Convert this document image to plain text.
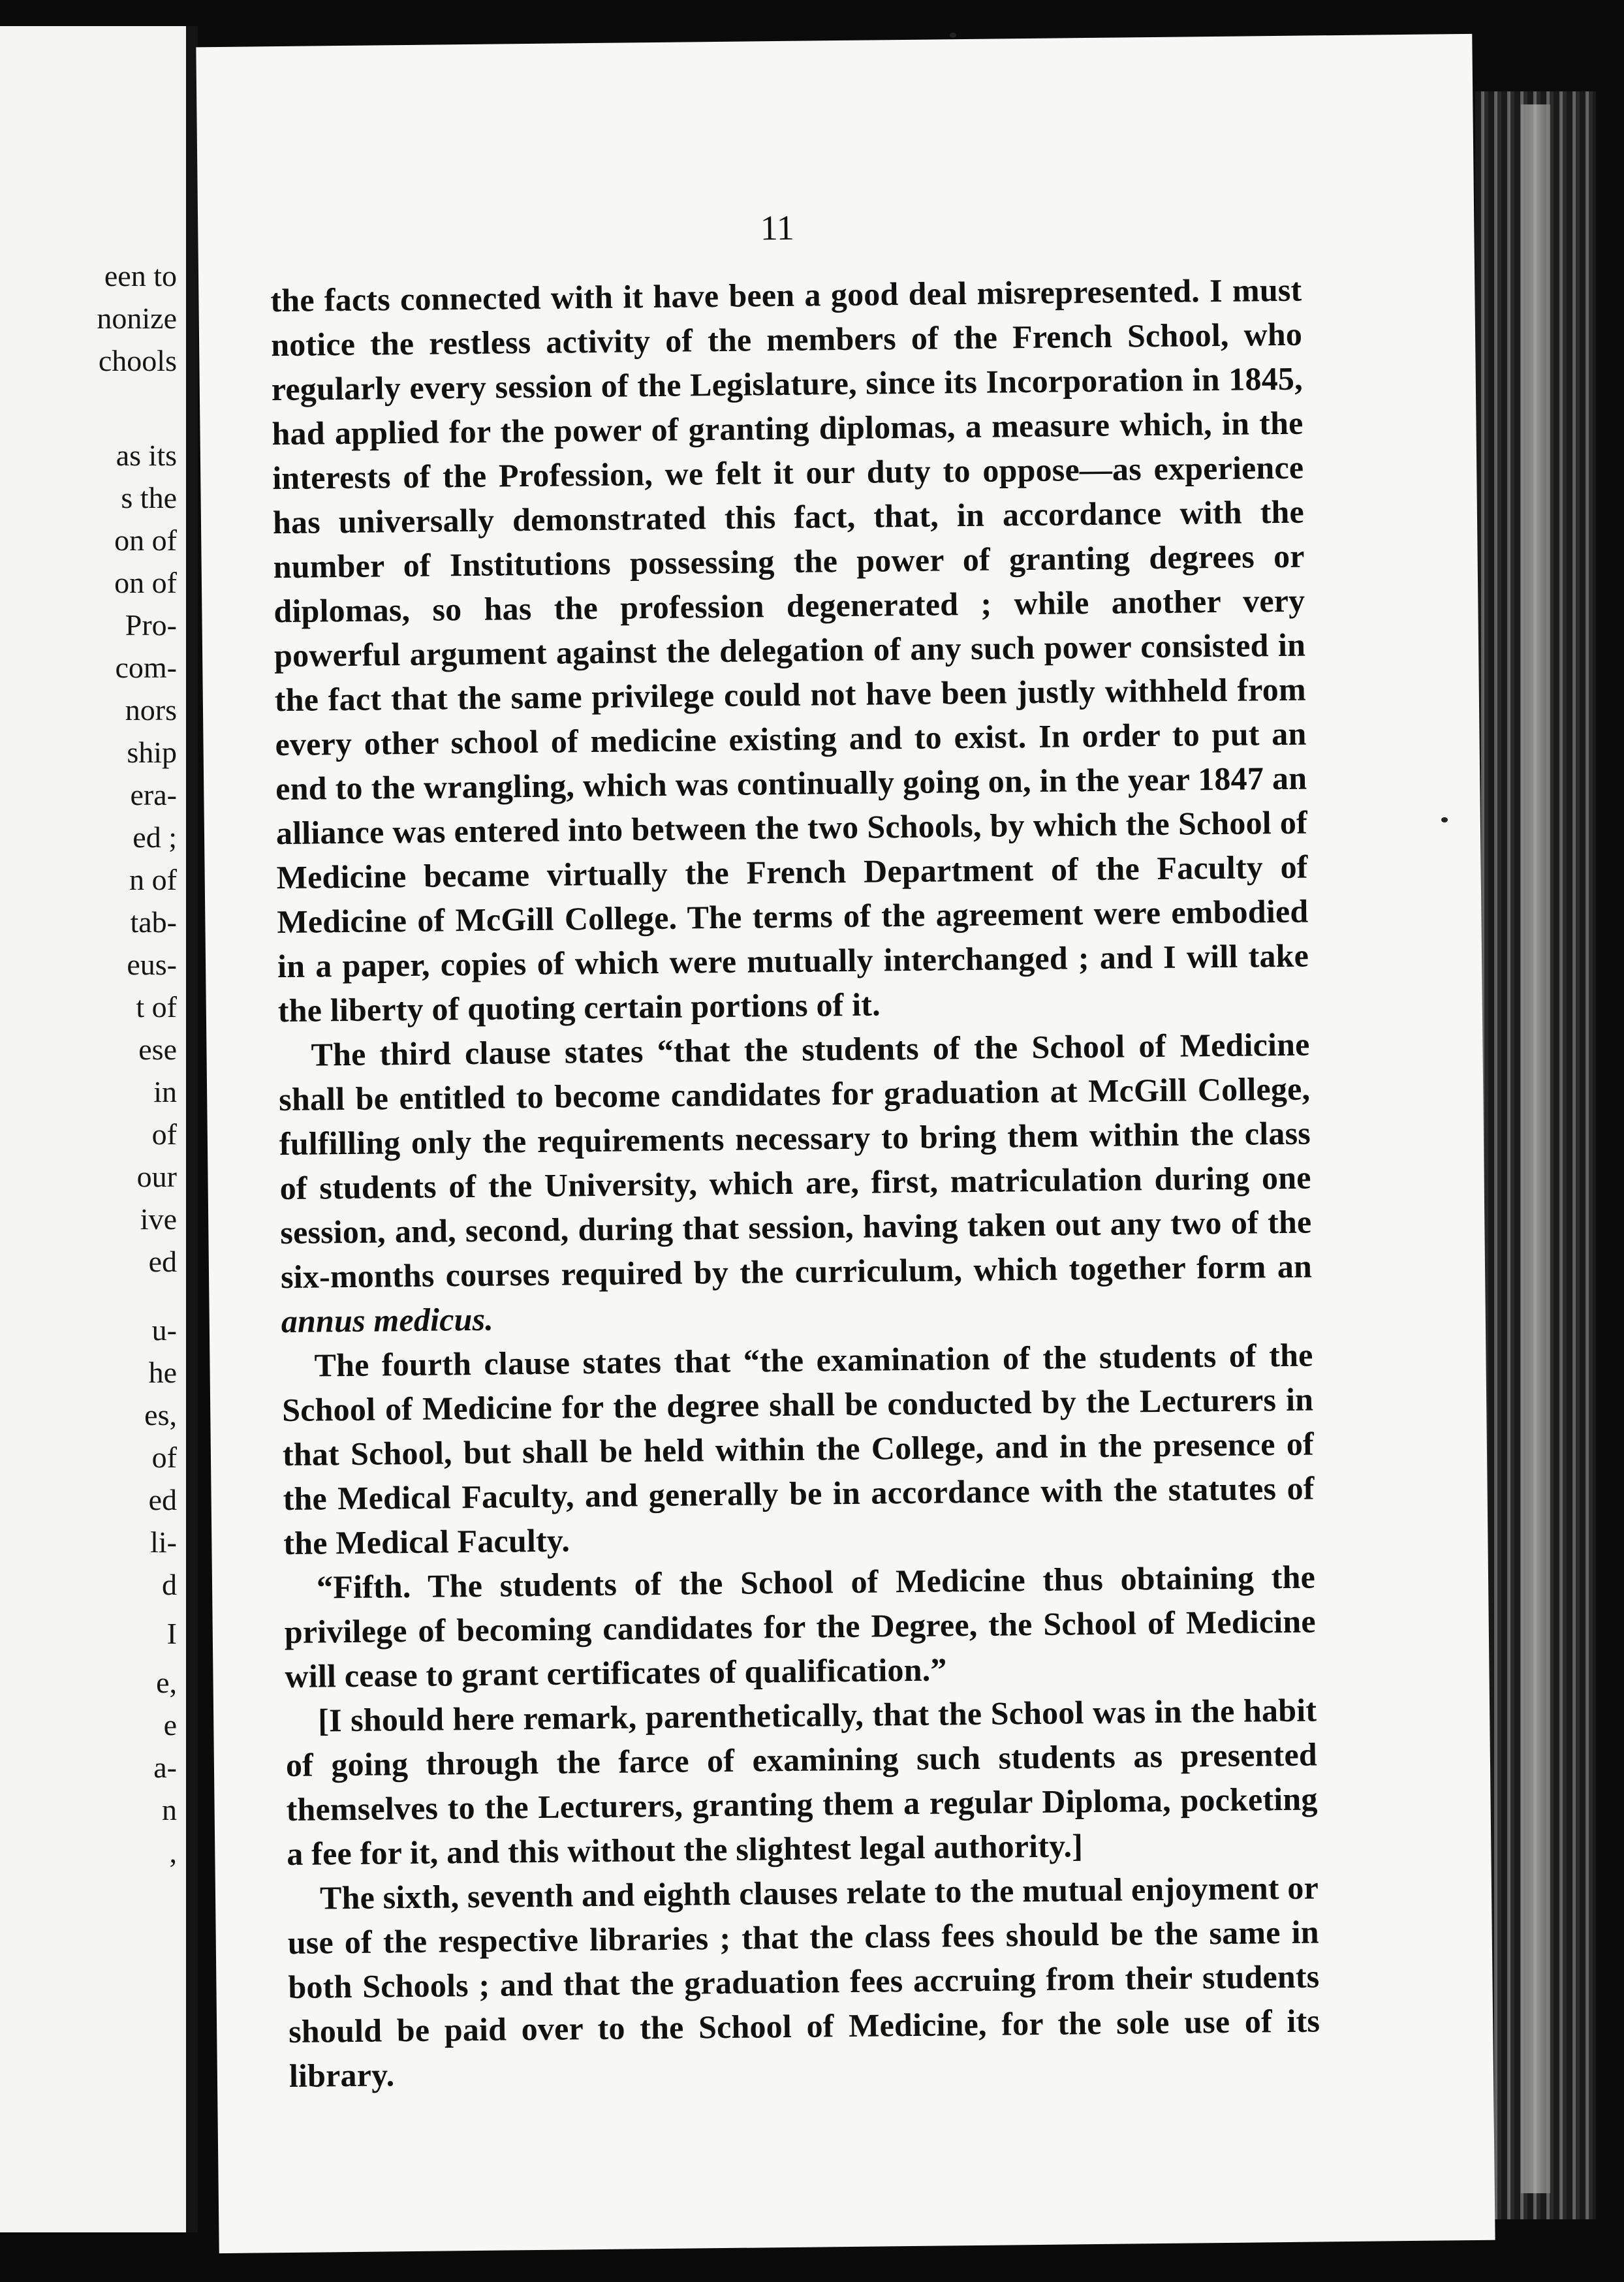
een to
nonize
chools
as its
s the
on of
on of
Pro-
com-
nors
ship
era-
ed ;
n of
tab-
eus-
t of
ese
in
of
our
ive
ed
u-
he
es,
of
ed
li-
d
I
e,
e
a-
n
,
11

the facts connected with it have been a good deal misrepresented. I must notice the restless activity of the members of the French School, who regularly every session of the Legislature, since its Incorporation in 1845, had applied for the power of granting diplomas, a measure which, in the interests of the Profession, we felt it our duty to oppose—as experience has universally demonstrated this fact, that, in accordance with the number of Institutions possessing the power of granting degrees or diplomas, so has the profession degenerated ; while another very powerful argument against the delegation of any such power consisted in the fact that the same privilege could not have been justly withheld from every other school of medicine existing and to exist. In order to put an end to the wrangling, which was continually going on, in the year 1847 an alliance was entered into between the two Schools, by which the School of Medicine became virtually the French Department of the Faculty of Medicine of McGill College. The terms of the agreement were embodied in a paper, copies of which were mutually interchanged ; and I will take the liberty of quoting certain portions of it.

The third clause states “that the students of the School of Medicine shall be entitled to become candidates for graduation at McGill College, fulfilling only the requirements necessary to bring them within the class of students of the University, which are, first, matriculation during one session, and, second, during that session, having taken out any two of the six-months courses required by the curriculum, which together form an annus medicus.

The fourth clause states that “the examination of the students of the School of Medicine for the degree shall be conducted by the Lecturers in that School, but shall be held within the College, and in the presence of the Medical Faculty, and generally be in accordance with the statutes of the Medical Faculty.

“Fifth. The students of the School of Medicine thus obtaining the privilege of becoming candidates for the Degree, the School of Medicine will cease to grant certificates of qualification.”

[I should here remark, parenthetically, that the School was in the habit of going through the farce of examining such students as presented themselves to the Lecturers, granting them a regular Diploma, pocketing a fee for it, and this without the slightest legal authority.]

The sixth, seventh and eighth clauses relate to the mutual enjoyment or use of the respective libraries ; that the class fees should be the same in both Schools ; and that the graduation fees accruing from their students should be paid over to the School of Medicine, for the sole use of its library.
